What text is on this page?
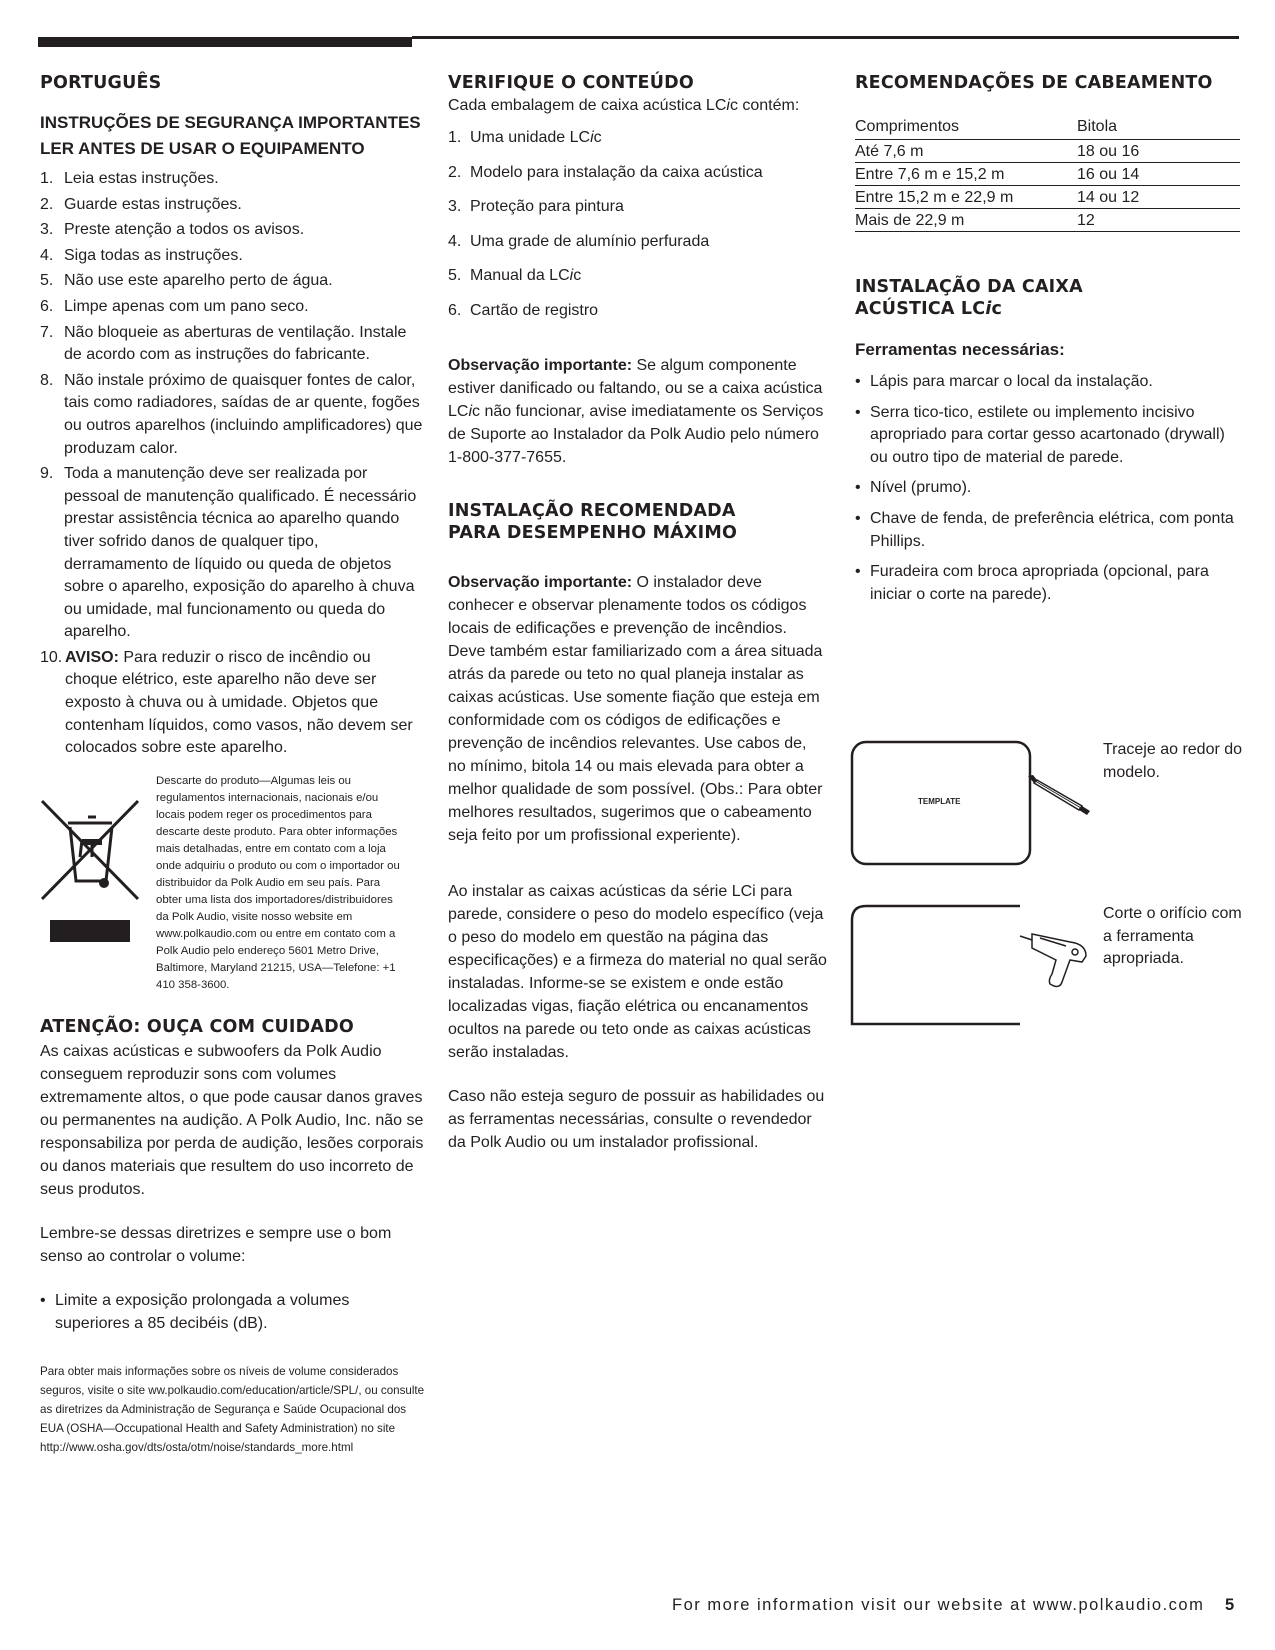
PORTUGUÊS
INSTRUÇÕES DE SEGURANÇA IMPORTANTES
LER ANTES DE USAR O EQUIPAMENTO
1. Leia estas instruções.
2. Guarde estas instruções.
3. Preste atenção a todos os avisos.
4. Siga todas as instruções.
5. Não use este aparelho perto de água.
6. Limpe apenas com um pano seco.
7. Não bloqueie as aberturas de ventilação. Instale de acordo com as instruções do fabricante.
8. Não instale próximo de quaisquer fontes de calor, tais como radiadores, saídas de ar quente, fogões ou outros aparelhos (incluindo amplificadores) que produzam calor.
9. Toda a manutenção deve ser realizada por pessoal de manutenção qualificado. É necessário prestar assistência técnica ao aparelho quando tiver sofrido danos de qualquer tipo, derramamento de líquido ou queda de objetos sobre o aparelho, exposição do aparelho à chuva ou umidade, mal funcionamento ou queda do aparelho.
10. AVISO: Para reduzir o risco de incêndio ou choque elétrico, este aparelho não deve ser exposto à chuva ou à umidade. Objetos que contenham líquidos, como vasos, não devem ser colocados sobre este aparelho.
Descarte do produto—Algumas leis ou regulamentos internacionais, nacionais e/ou locais podem reger os procedimentos para descarte deste produto. Para obter informações mais detalhadas, entre em contato com a loja onde adquiriu o produto ou com o importador ou distribuidor da Polk Audio em seu país. Para obter uma lista dos importadores/distribuidores da Polk Audio, visite nosso website em www.polkaudio.com ou entre em contato com a Polk Audio pelo endereço 5601 Metro Drive, Baltimore, Maryland 21215, USA—Telefone: +1 410 358-3600.
ATENÇÃO: OUÇA COM CUIDADO

As caixas acústicas e subwoofers da Polk Audio conseguem reproduzir sons com volumes extremamente altos, o que pode causar danos graves ou permanentes na audição. A Polk Audio, Inc. não se responsabiliza por perda de audição, lesões corporais ou danos materiais que resultem do uso incorreto de seus produtos.

Lembre-se dessas diretrizes e sempre use o bom senso ao controlar o volume:

• Limite a exposição prolongada a volumes superiores a 85 decibéis (dB).

Para obter mais informações sobre os níveis de volume considerados seguros, visite o site ww.polkaudio.com/education/article/SPL/, ou consulte as diretrizes da Administração de Segurança e Saúde Ocupacional dos EUA (OSHA—Occupational Health and Safety Administration) no site http://www.osha.gov/dts/osta/otm/noise/standards_more.html

VERIFIQUE O CONTEÚDO

Cada embalagem de caixa acústica LCic contém:

1. Uma unidade LCic
2. Modelo para instalação da caixa acústica
3. Proteção para pintura
4. Uma grade de alumínio perfurada
5. Manual da LCic
6. Cartão de registro

Observação importante: Se algum componente estiver danificado ou faltando, ou se a caixa acústica LCic não funcionar, avise imediatamente os Serviços de Suporte ao Instalador da Polk Audio pelo número 1-800-377-7655.

INSTALAÇÃO RECOMENDADA
PARA DESEMPENHO MÁXIMO

Observação importante: O instalador deve conhecer e observar plenamente todos os códigos locais de edificações e prevenção de incêndios. Deve também estar familiarizado com a área situada atrás da parede ou teto no qual planeja instalar as caixas acústicas. Use somente fiação que esteja em conformidade com os códigos de edificações e prevenção de incêndios relevantes. Use cabos de, no mínimo, bitola 14 ou mais elevada para obter a melhor qualidade de som possível. (Obs.: Para obter melhores resultados, sugerimos que o cabeamento seja feito por um profissional experiente).

Ao instalar as caixas acústicas da série LCi para parede, considere o peso do modelo específico (veja o peso do modelo em questão na página das especificações) e a firmeza do material no qual serão instaladas. Informe-se se existem e onde estão localizadas vigas, fiação elétrica ou encanamentos ocultos na parede ou teto onde as caixas acústicas serão instaladas.

Caso não esteja seguro de possuir as habilidades ou as ferramentas necessárias, consulte o revendedor da Polk Audio ou um instalador profissional.

RECOMENDAÇÕES DE CABEAMENTO
Comprimentos	Bitola
Até 7,6 m	18 ou 16
Entre 7,6 m e 15,2 m	16 ou 14
Entre 15,2 m e 22,9 m	14 ou 12
Mais de 22,9 m	12
INSTALAÇÃO DA CAIXA
ACÚSTICA LCic
Ferramentas necessárias:
• Lápis para marcar o local da instalação.
• Serra tico-tico, estilete ou implemento incisivo apropriado para cortar gesso acartonado (drywall) ou outro tipo de material de parede.
• Nível (prumo).
• Chave de fenda, de preferência elétrica, com ponta Phillips.
• Furadeira com broca apropriada (opcional, para iniciar o corte na parede).
TEMPLATE
Traceje ao redor do modelo.
Corte o orifício com a ferramenta apropriada.
For more information visit our website at www.polkaudio.com 5
